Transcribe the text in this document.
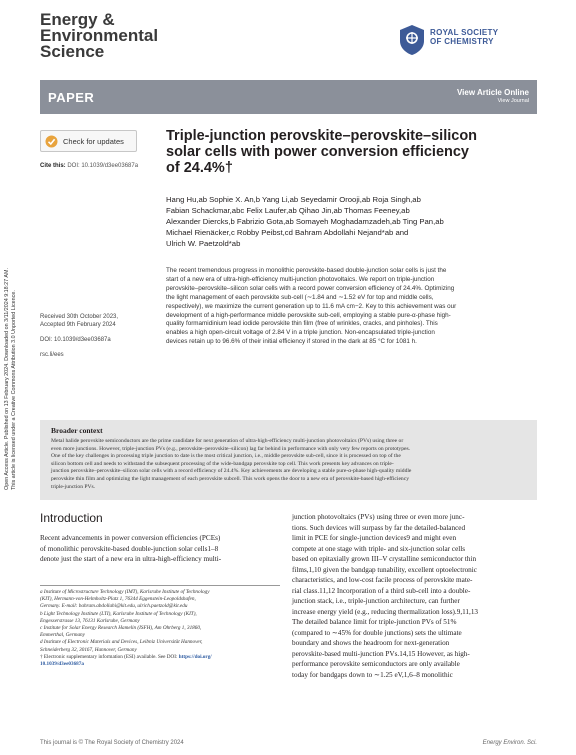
Energy &
Environmental
Science
ROYAL SOCIETY
OF CHEMISTRY
PAPER	View Article Online
View Journal
Open Access Article. Published on 13 February 2024. Downloaded on 3/11/2024 9:18:27 AM. This article is licensed under a Creative Commons Attribution 3.0 Unported Licence.
Check for updates
Cite this: DOI: 10.1039/d3ee03687a
Triple-junction perovskite–perovskite–silicon
solar cells with power conversion efficiency
of 24.4%†
Hang Hu,ab Sophie X. An,b Yang Li,ab Seyedamir Orooji,ab Roja Singh,ab
Fabian Schackmar,abc Felix Laufer,ab Qihao Jin,ab Thomas Feeney,ab
Alexander Diercks,b Fabrizio Gota,ab Somayeh Moghadamzadeh,ab Ting Pan,ab
Michael Rienäcker,c Robby Peibst,cd Bahram Abdollahi Nejand*ab and
Ulrich W. Paetzold*ab
Received 30th October 2023,
Accepted 9th February 2024
DOI: 10.1039/d3ee03687a
rsc.li/ees
The recent tremendous progress in monolithic perovskite-based double-junction solar cells is just the
start of a new era of ultra-high-efficiency multi-junction photovoltaics. We report on triple-junction
perovskite–perovskite–silicon solar cells with a record power conversion efficiency of 24.4%. Optimizing
the light management of each perovskite sub-cell (∼1.84 and ∼1.52 eV for top and middle cells,
respectively), we maximize the current generation up to 11.6 mA cm−2. Key to this achievement was our
development of a high-performance middle perovskite sub-cell, employing a stable pure-α-phase high-
quality formamidinium lead iodide perovskite thin film (free of wrinkles, cracks, and pinholes). This
enables a high open-circuit voltage of 2.84 V in a triple junction. Non-encapsulated triple-junction
devices retain up to 96.6% of their initial efficiency if stored in the dark at 85 °C for 1081 h.
Broader context
Metal halide perovskite semiconductors are the prime candidate for next generation of ultra-high-efficiency multi-junction photovoltaics (PVs) using three or
even more junctions. However, triple-junction PVs (e.g., perovskite–perovskite–silicon) lag far behind in performance with only very few reports on prototypes.
One of the key challenges in processing triple junction to date is the most critical junction, i.e., middle perovskite sub-cell, since it is processed on top of the
silicon bottom cell and needs to withstand the subsequent processing of the wide-bandgap perovskite top cell. This work presents key advances on triple-
junction perovskite–perovskite–silicon solar cells with a record efficiency of 24.4%. Key achievements are developing a stable pure-α-phase high-quality middle
perovskite thin film and optimizing the light management of each perovskite subcell. This work opens the door to a new era of perovskite-based high-efficiency
triple-junction PVs.
Introduction
Recent advancements in power conversion efficiencies (PCEs)
of monolithic perovskite-based double-junction solar cells1–8
denote just the start of a new era in ultra-high-efficiency multi-
a Institute of Microstructure Technology (IMT), Karlsruhe Institute of Technology
(KIT), Hermann-von-Helmholtz-Platz 1, 76344 Eggenstein-Leopoldshafen,
Germany. E-mail: bahram.abdollahi@kit.edu, ulrich.paetzold@kit.edu
b Light Technology Institute (LTI), Karlsruhe Institute of Technology (KIT),
Engesserstrasse 13, 76131 Karlsruhe, Germany
c Institute for Solar Energy Research Hamelin (ISFH), Am Ohrberg 1, 31860,
Emmerthal, Germany
d Institute of Electronic Materials and Devices, Leibniz Universität Hannover,
Schneiderberg 32, 30167, Hannover, Germany
† Electronic supplementary information (ESI) available. See DOI: https://doi.org/
10.1039/d3ee03687a
junction photovoltaics (PVs) using three or even more junc-
tions. Such devices will surpass by far the detailed-balanced
limit in PCE for single-junction devices9 and might even
compete at one stage with triple- and six-junction solar cells
based on epitaxially grown III–V crystalline semiconductor thin
films,1,10 given the bandgap tunability, excellent optoelectronic
characteristics, and low-cost facile process of perovskite mate-
rial class.11,12 Incorporation of a third sub-cell into a double-
junction stack, i.e., triple-junction architecture, can further
increase energy yield (e.g., reducing thermalization loss).9,11,13
The detailed balance limit for triple-junction PVs of 51%
(compared to ∼45% for double junctions) sets the ultimate
boundary and shows the headroom for next-generation
perovskite-based multi-junction PVs.14,15 However, as high-
performance perovskite semiconductors are only available
today for bandgaps down to ∼1.25 eV,1,6–8 monolithic
This journal is © The Royal Society of Chemistry 2024	Energy Environ. Sci.
